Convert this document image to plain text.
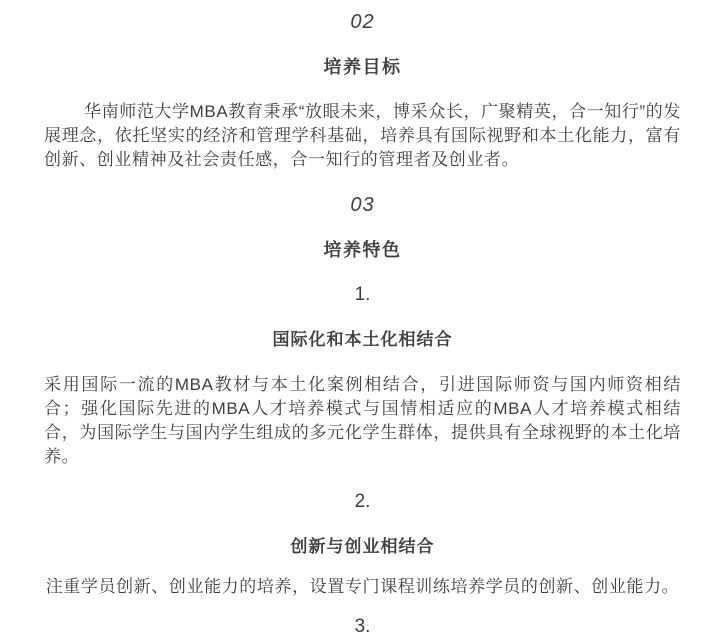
02

培养目标

华南师范大学MBA教育秉承“放眼未来，博采众长，广聚精英，合一知行”的发展理念，依托坚实的经济和管理学科基础，培养具有国际视野和本土化能力，富有创新、创业精神及社会责任感，合一知行的管理者及创业者。

03

培养特色

1.

国际化和本土化相结合

采用国际一流的MBA教材与本土化案例相结合，引进国际师资与国内师资相结合；强化国际先进的MBA人才培养模式与国情相适应的MBA人才培养模式相结合，为国际学生与国内学生组成的多元化学生群体，提供具有全球视野的本土化培养。

2.

创新与创业相结合

注重学员创新、创业能力的培养，设置专门课程训练培养学员的创新、创业能力。

3.
